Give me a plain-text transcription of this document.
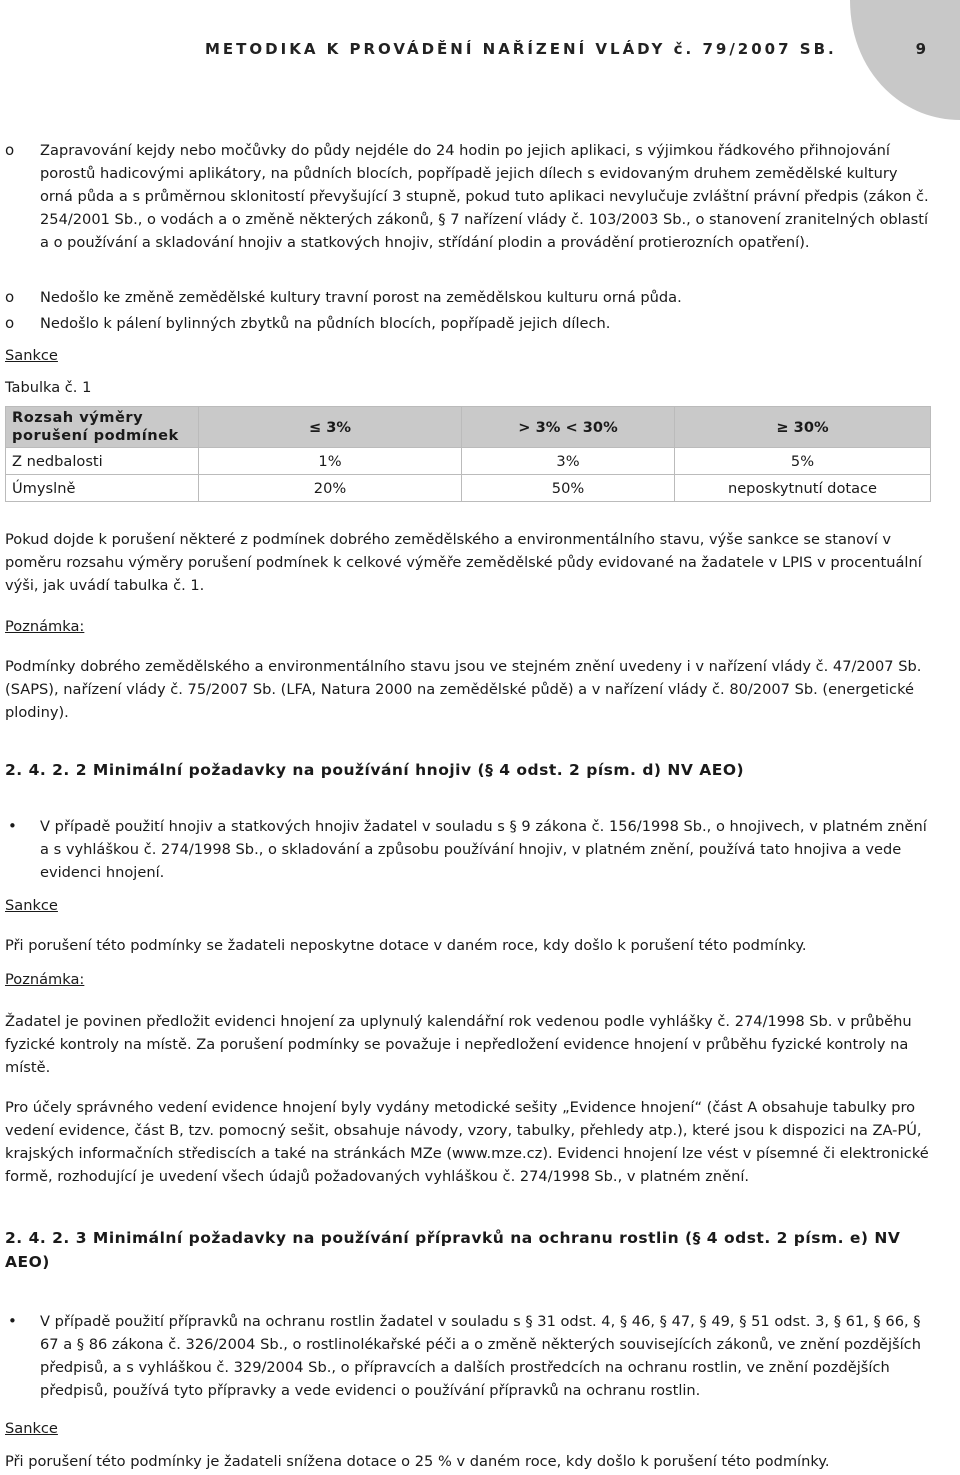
METODIKA K PROVÁDĚNÍ NAŘÍZENÍ VLÁDY č. 79/2007 SB.	9
o Zapravování kejdy nebo močůvky do půdy nejdéle do 24 hodin po jejich aplikaci, s výjimkou řádkového přihnojování porostů hadicovými aplikátory, na půdních blocích, popřípadě jejich dílech s evidovaným druhem zemědělské kultury orná půda a s průměrnou sklonitostí převyšující 3 stupně, pokud tuto aplikaci nevylučuje zvláštní právní předpis (zákon č. 254/2001 Sb., o vodách a o změně některých zákonů, § 7 nařízení vlády č. 103/2003 Sb., o stanovení zranitelných oblastí a o používání a skladování hnojiv a statkových hnojiv, střídání plodin a provádění protierozních opatření).
o Nedošlo ke změně zemědělské kultury travní porost na zemědělskou kulturu orná půda.
o Nedošlo k pálení bylinných zbytků na půdních blocích, popřípadě jejich dílech.
Sankce
Tabulka č. 1
Rozsah výměry porušení podmínek	≤ 3%	> 3% < 30%	≥ 30%
Z nedbalosti	1%	3%	5%
Úmyslně	20%	50%	neposkytnutí dotace
Pokud dojde k porušení některé z podmínek dobrého zemědělského a environmentálního stavu, výše sankce se stanoví v poměru rozsahu výměry porušení podmínek k celkové výměře zemědělské půdy evidované na žadatele v LPIS v procentuální výši, jak uvádí tabulka č. 1.
Poznámka:
Podmínky dobrého zemědělského a environmentálního stavu jsou ve stejném znění uvedeny i v nařízení vlády č. 47/2007 Sb. (SAPS), nařízení vlády č. 75/2007 Sb. (LFA, Natura 2000 na zemědělské půdě) a v nařízení vlády č. 80/2007 Sb. (energetické plodiny).
2. 4. 2. 2 Minimální požadavky na používání hnojiv (§ 4 odst. 2 písm. d) NV AEO)
• V případě použití hnojiv a statkových hnojiv žadatel v souladu s § 9 zákona č. 156/1998 Sb., o hnojivech, v platném znění a s vyhláškou č. 274/1998 Sb., o skladování a způsobu používání hnojiv, v platném znění, používá tato hnojiva a vede evidenci hnojení.
Sankce
Při porušení této podmínky se žadateli neposkytne dotace v daném roce, kdy došlo k porušení této podmínky.
Poznámka:
Žadatel je povinen předložit evidenci hnojení za uplynulý kalendářní rok vedenou podle vyhlášky č. 274/1998 Sb. v průběhu fyzické kontroly na místě. Za porušení podmínky se považuje i nepředložení evidence hnojení v průběhu fyzické kontroly na místě.
Pro účely správného vedení evidence hnojení byly vydány metodické sešity „Evidence hnojení“ (část A obsahuje tabulky pro vedení evidence, část B, tzv. pomocný sešit, obsahuje návody, vzory, tabulky, přehledy atp.), které jsou k dispozici na ZA-PÚ, krajských informačních střediscích a také na stránkách MZe (www.mze.cz). Evidenci hnojení lze vést v písemné či elektronické formě, rozhodující je uvedení všech údajů požadovaných vyhláškou č. 274/1998 Sb., v platném znění.
2. 4. 2. 3 Minimální požadavky na používání přípravků na ochranu rostlin (§ 4 odst. 2 písm. e) NV AEO)
• V případě použití přípravků na ochranu rostlin žadatel v souladu s § 31 odst. 4, § 46, § 47, § 49, § 51 odst. 3, § 61, § 66, § 67 a § 86 zákona č. 326/2004 Sb., o rostlinolékařské péči a o změně některých souvisejících zákonů, ve znění pozdějších předpisů, a s vyhláškou č. 329/2004 Sb., o přípravcích a dalších prostředcích na ochranu rostlin, ve znění pozdějších předpisů, používá tyto přípravky a vede evidenci o používání přípravků na ochranu rostlin.
Sankce
Při porušení této podmínky je žadateli snížena dotace o 25 % v daném roce, kdy došlo k porušení této podmínky.
